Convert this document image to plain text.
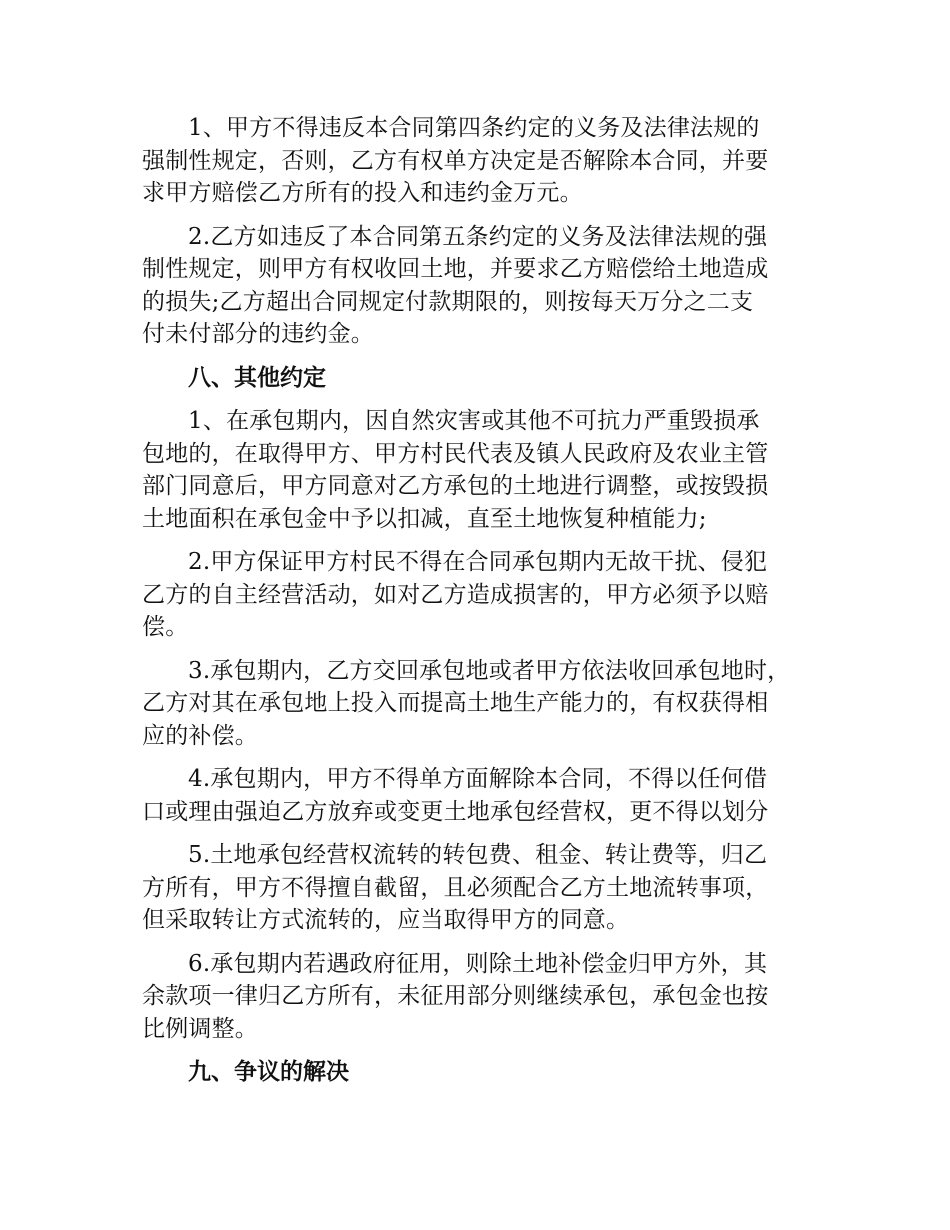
1、甲方不得违反本合同第四条约定的义务及法律法规的
强制性规定，否则，乙方有权单方决定是否解除本合同，并要
求甲方赔偿乙方所有的投入和违约金万元。

2.乙方如违反了本合同第五条约定的义务及法律法规的强
制性规定，则甲方有权收回土地，并要求乙方赔偿给土地造成
的损失;乙方超出合同规定付款期限的，则按每天万分之二支
付未付部分的违约金。

八、其他约定

1、在承包期内，因自然灾害或其他不可抗力严重毁损承
包地的，在取得甲方、甲方村民代表及镇人民政府及农业主管
部门同意后，甲方同意对乙方承包的土地进行调整，或按毁损
土地面积在承包金中予以扣减，直至土地恢复种植能力;

2.甲方保证甲方村民不得在合同承包期内无故干扰、侵犯
乙方的自主经营活动，如对乙方造成损害的，甲方必须予以赔
偿。

3.承包期内，乙方交回承包地或者甲方依法收回承包地时，
乙方对其在承包地上投入而提高土地生产能力的，有权获得相
应的补偿。

4.承包期内，甲方不得单方面解除本合同，不得以任何借
口或理由强迫乙方放弃或变更土地承包经营权，更不得以划分

5.土地承包经营权流转的转包费、租金、转让费等，归乙
方所有，甲方不得擅自截留，且必须配合乙方土地流转事项，
但采取转让方式流转的，应当取得甲方的同意。

6.承包期内若遇政府征用，则除土地补偿金归甲方外，其
余款项一律归乙方所有，未征用部分则继续承包，承包金也按
比例调整。

九、争议的解决
